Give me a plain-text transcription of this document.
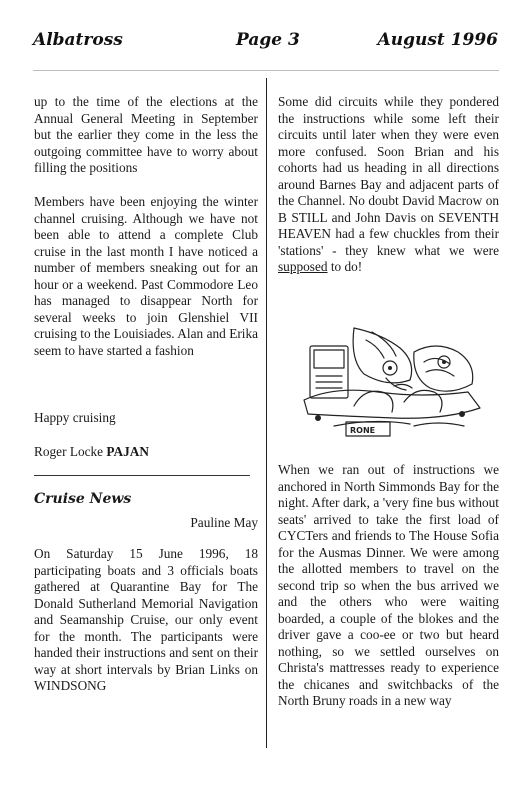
Albatross	Page 3	August 1996
up to the time of the elections at the Annual General Meeting in September but the earlier they come in the less the outgoing committee have to worry about filling the positions
Members have been enjoying the winter channel cruising. Although we have not been able to attend a complete Club cruise in the last month I have noticed a number of members sneaking out for an hour or a weekend. Past Commodore Leo has managed to disappear North for several weeks to join Glenshiel VII cruising to the Louisiades. Alan and Erika seem to have started a fashion
Happy cruising
Roger Locke PAJAN
Cruise News
Pauline May
On Saturday 15 June 1996, 18 participating boats and 3 officials boats gathered at Quarantine Bay for The Donald Sutherland Memorial Navigation and Seamanship Cruise, our only event for the month. The participants were handed their instructions and sent on their way at short intervals by Brian Links on WINDSONG
Some did circuits while they pondered the instructions while some left their circuits until later when they were even more confused. Soon Brian and his cohorts had us heading in all directions around Barnes Bay and adjacent parts of the Channel. No doubt David Macrow on B STILL and John Davis on SEVENTH HEAVEN had a few chuckles from their 'stations' - they knew what we were supposed to do!
RONE
When we ran out of instructions we anchored in North Simmonds Bay for the night. After dark, a 'very fine bus without seats' arrived to take the first load of CYCTers and friends to The House Sofia for the Ausmas Dinner. We were among the allotted members to travel on the second trip so when the bus arrived we and the others who were waiting boarded, a couple of the blokes and the driver gave a coo-ee or two but heard nothing, so we settled ourselves on Christa's mattresses ready to experience the chicanes and switchbacks of the North Bruny roads in a new way
